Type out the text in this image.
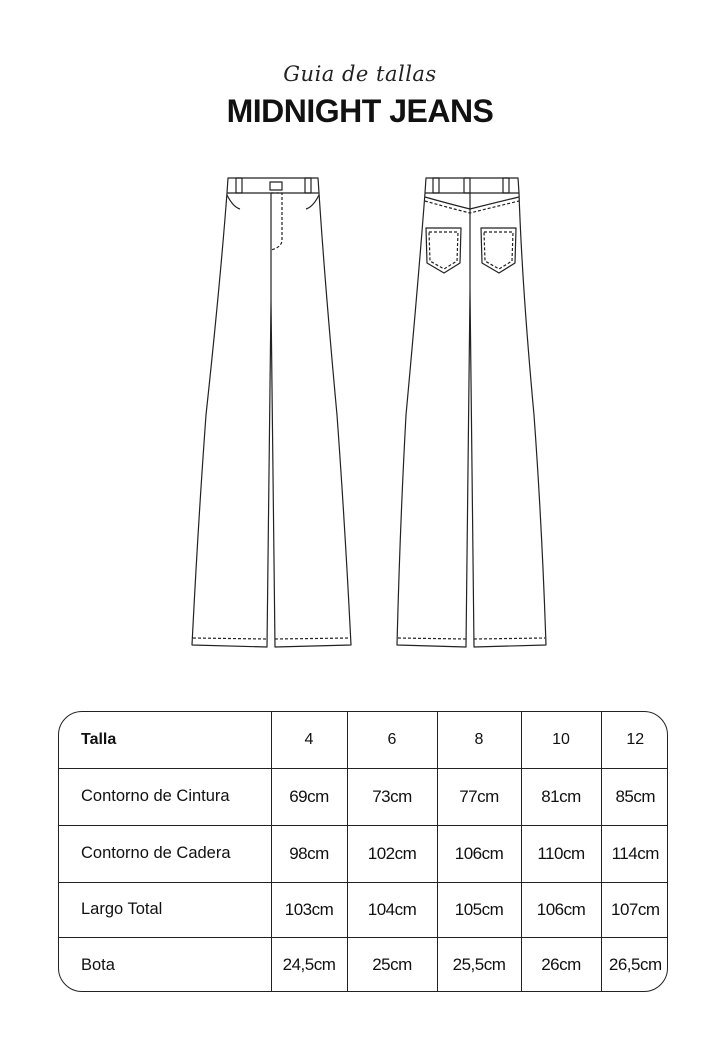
Guia de tallas
MIDNIGHT JEANS
Talla	4	6	8	10	12
Contorno de Cintura	69cm	73cm	77cm	81cm	85cm
Contorno de Cadera	98cm	102cm	106cm	110cm	114cm
Largo Total	103cm	104cm	105cm	106cm	107cm
Bota	24,5cm	25cm	25,5cm	26cm	26,5cm
